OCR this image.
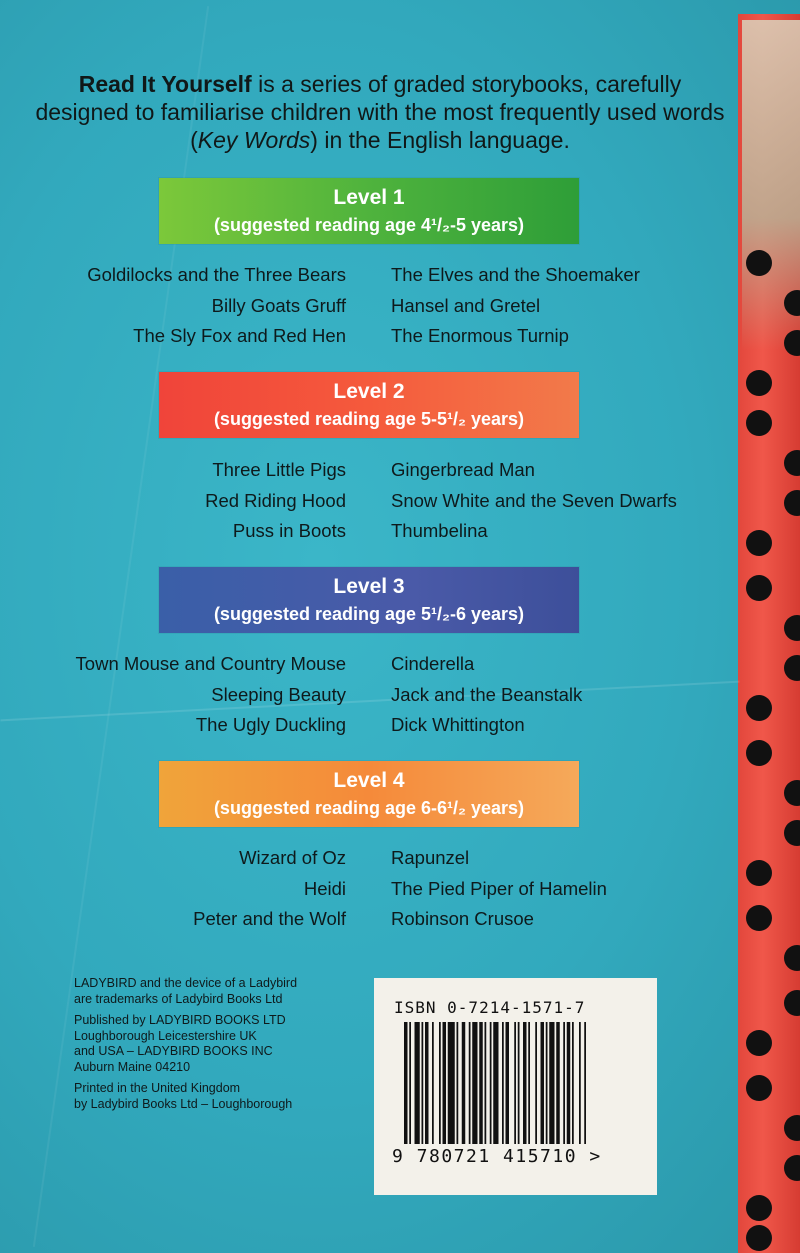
Read It Yourself is a series of graded storybooks, carefully designed to familiarise children with the most frequently used words (Key Words) in the English language.
Level 1
(suggested reading age 4¹/₂-5 years)
Goldilocks and the Three Bears
Billy Goats Gruff
The Sly Fox and Red Hen
The Elves and the Shoemaker
Hansel and Gretel
The Enormous Turnip
Level 2
(suggested reading age 5-5¹/₂ years)
Three Little Pigs
Red Riding Hood
Puss in Boots
Gingerbread Man
Snow White and the Seven Dwarfs
Thumbelina
Level 3
(suggested reading age 5¹/₂-6 years)
Town Mouse and Country Mouse
Sleeping Beauty
The Ugly Duckling
Cinderella
Jack and the Beanstalk
Dick Whittington
Level 4
(suggested reading age 6-6¹/₂ years)
Wizard of Oz
Heidi
Peter and the Wolf
Rapunzel
The Pied Piper of Hamelin
Robinson Crusoe

LADYBIRD and the device of a Ladybird
are trademarks of Ladybird Books Ltd

Published by LADYBIRD BOOKS LTD
Loughborough Leicestershire UK
and USA – LADYBIRD BOOKS INC
Auburn Maine 04210

Printed in the United Kingdom
by Ladybird Books Ltd – Loughborough

ISBN 0-7214-1571-7
9 780721 415710 >
